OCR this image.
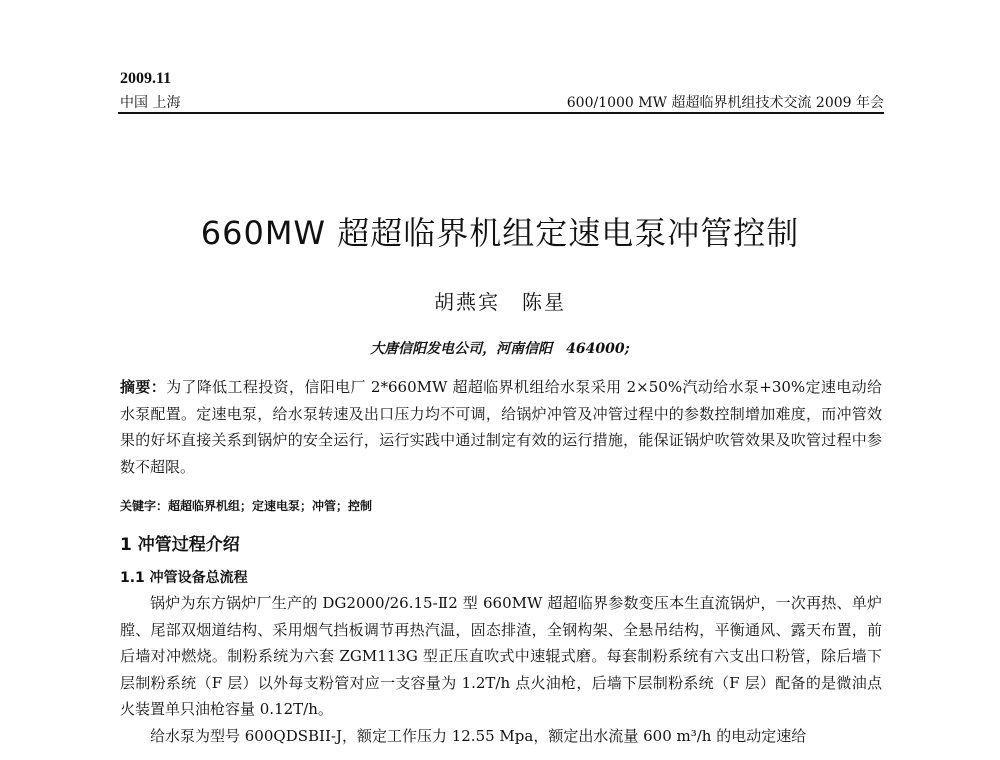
2009.11
中国 上海	600/1000 MW 超超临界机组技术交流 2009 年会
660MW 超超临界机组定速电泵冲管控制
胡燕宾　陈星
大唐信阳发电公司，河南信阳　464000;
摘要：为了降低工程投资，信阳电厂 2*660MW 超超临界机组给水泵采用 2×50%汽动给水泵+30%定速电动给水泵配置。定速电泵，给水泵转速及出口压力均不可调，给锅炉冲管及冲管过程中的参数控制增加难度，而冲管效果的好坏直接关系到锅炉的安全运行，运行实践中通过制定有效的运行措施，能保证锅炉吹管效果及吹管过程中参数不超限。
关键字：超超临界机组；定速电泵；冲管；控制
1 冲管过程介绍
1.1 冲管设备总流程

锅炉为东方锅炉厂生产的 DG2000/26.15-Ⅱ2 型 660MW 超超临界参数变压本生直流锅炉，一次再热、单炉膛、尾部双烟道结构、采用烟气挡板调节再热汽温，固态排渣，全钢构架、全悬吊结构，平衡通风、露天布置，前后墙对冲燃烧。制粉系统为六套 ZGM113G 型正压直吹式中速辊式磨。每套制粉系统有六支出口粉管，除后墙下层制粉系统（F 层）以外每支粉管对应一支容量为 1.2T/h 点火油枪，后墙下层制粉系统（F 层）配备的是微油点火装置单只油枪容量 0.12T/h。

给水泵为型号 600QDSBII-J，额定工作压力 12.55 Mpa，额定出水流量 600 m³/h 的电动定速给
